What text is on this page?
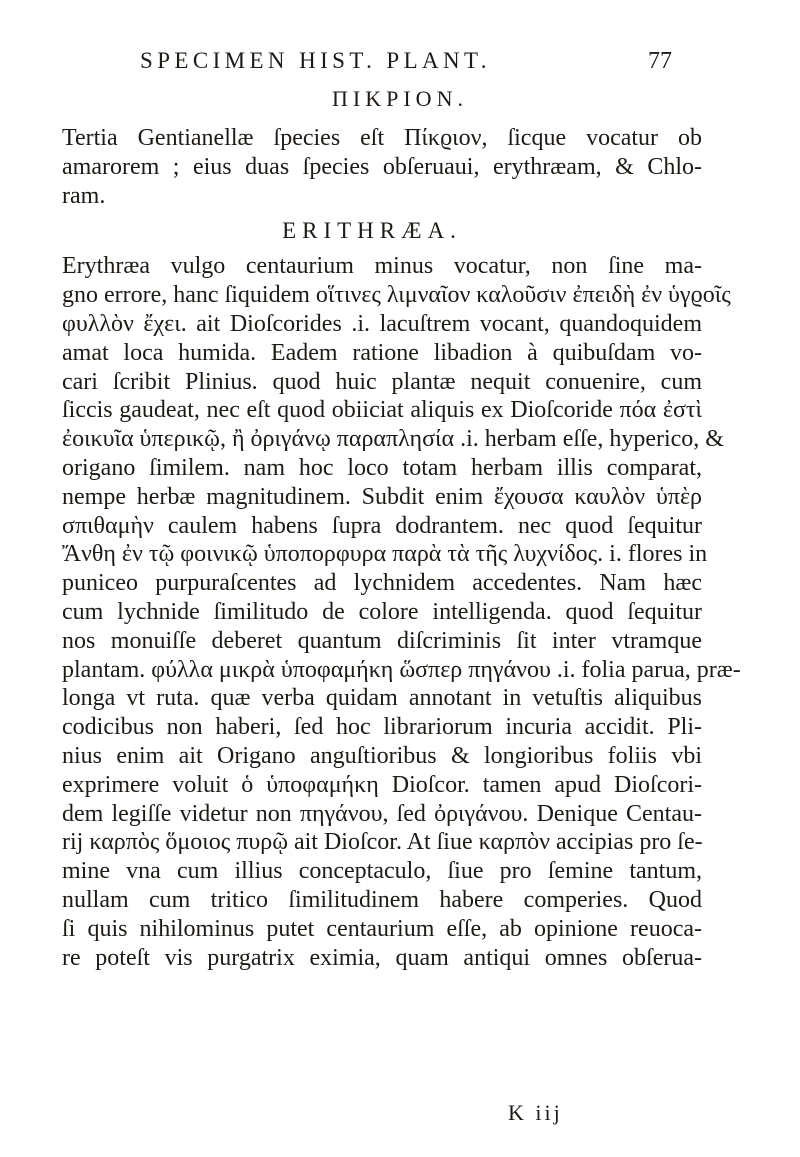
SPECIMEN HIST. PLANT.	77
ΠΙΚΡΙΟΝ.
Tertia Gentianellæ ſpecies eſt Πίκϱιον, ſicque vocatur ob
amarorem ; eius duas ſpecies obſeruaui, erythræam, & Chlo-
ram.
ERITHRÆA.
Erythræa vulgo centaurium minus vocatur, non ſine ma-
gno errore, hanc ſiquidem οἵτινες λιμναῖον καλοῦσιν ἐπειδὴ ἐν ὑγϱοῖς
φυλλὸν ἔχει. ait Dioſcorides .i. lacuſtrem vocant, quandoquidem
amat loca humida. Eadem ratione libadion à quibuſdam vo-
cari ſcribit Plinius. quod huic plantæ nequit conuenire, cum
ſiccis gaudeat, nec eſt quod obiiciat aliquis ex Dioſcoride πόα ἐστὶ
ἐοικυῖα ὑπερικῷ, ἢ ὀριγάνῳ παραπλησία .i. herbam eſſe, hyperico, &
origano ſimilem. nam hoc loco totam herbam illis comparat,
nempe herbæ magnitudinem. Subdit enim ἔχουσα καυλὸν ὑπὲρ
σπιθαμὴν caulem habens ſupra dodrantem. nec quod ſequitur
Ἄνθη ἐν τῷ φοινικῷ ὑποπορφυρα παρὰ τὰ τῆς λυχνίδος. i. flores in
puniceo purpuraſcentes ad lychnidem accedentes. Nam hæc
cum lychnide ſimilitudo de colore intelligenda. quod ſequitur
nos monuiſſe deberet quantum diſcriminis ſit inter vtramque
plantam. φύλλα μικρὰ ὑποφαμήκη ὥσπερ πηγάνου .i. folia parua, præ-
longa vt ruta. quæ verba quidam annotant in vetuſtis aliquibus
codicibus non haberi, ſed hoc librariorum incuria accidit. Pli-
nius enim ait Origano anguſtioribus & longioribus foliis vbi
exprimere voluit ὁ ὑποφαμήκη Dioſcor. tamen apud Dioſcori-
dem legiſſe videtur non πηγάνου, ſed ὀριγάνου. Denique Centau-
rij καρπὸς ὅμοιος πυρῷ ait Dioſcor. At ſiue καρπὸν accipias pro ſe-
mine vna cum illius conceptaculo, ſiue pro ſemine tantum,
nullam cum tritico ſimilitudinem habere comperies. Quod
ſi quis nihilominus putet centaurium eſſe, ab opinione reuoca-
re poteſt vis purgatrix eximia, quam antiqui omnes obſerua-
K iij
